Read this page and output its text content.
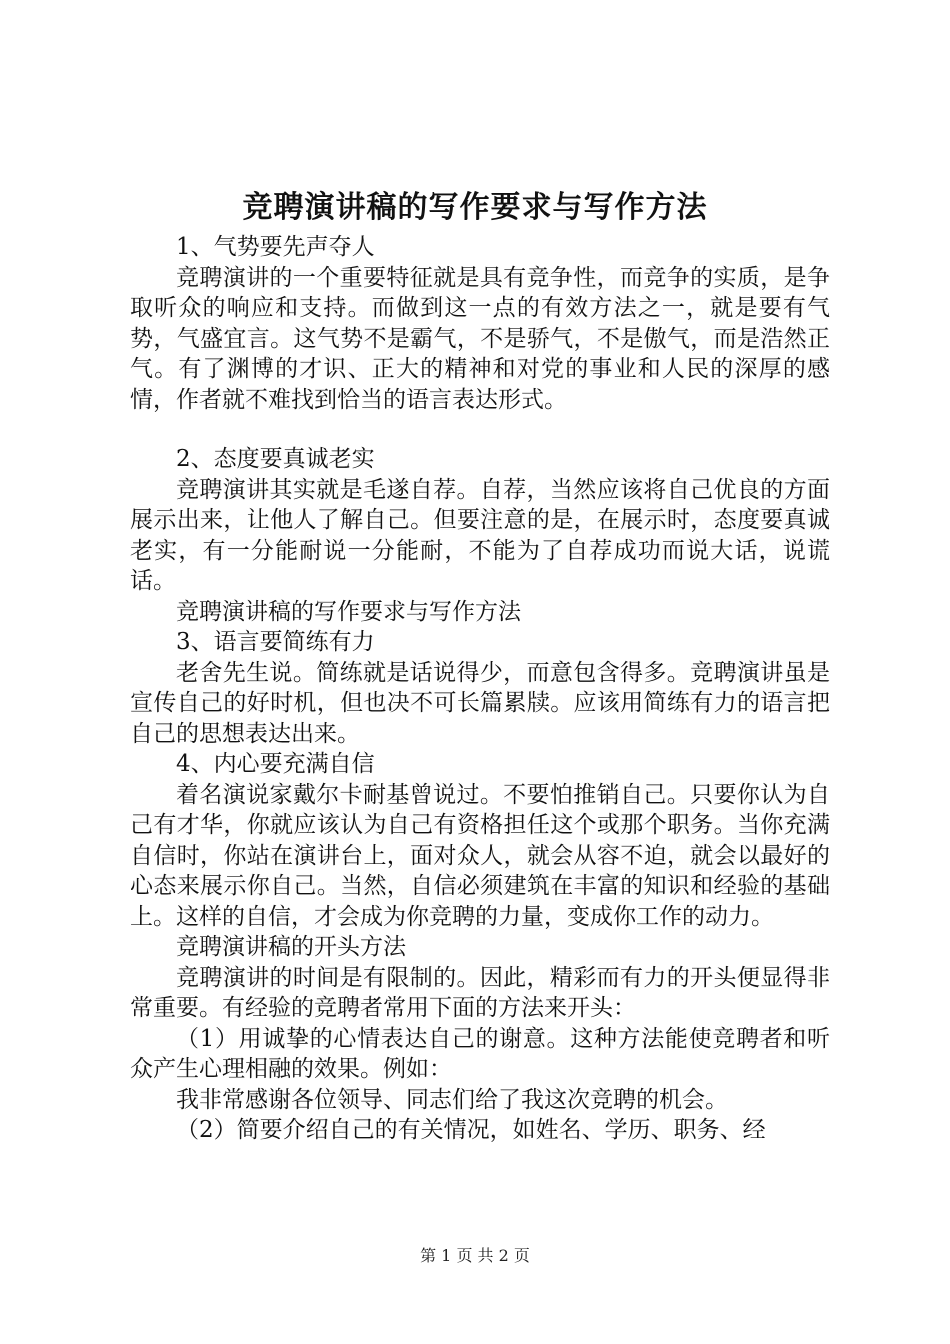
竞聘演讲稿的写作要求与写作方法

1、气势要先声夺人

竞聘演讲的一个重要特征就是具有竞争性，而竞争的实质，是争取听众的响应和支持。而做到这一点的有效方法之一，就是要有气势，气盛宜言。这气势不是霸气，不是骄气，不是傲气，而是浩然正气。有了渊博的才识、正大的精神和对党的事业和人民的深厚的感情，作者就不难找到恰当的语言表达形式。

2、态度要真诚老实

竞聘演讲其实就是毛遂自荐。自荐，当然应该将自己优良的方面展示出来，让他人了解自己。但要注意的是，在展示时，态度要真诚老实，有一分能耐说一分能耐，不能为了自荐成功而说大话，说谎话。

竞聘演讲稿的写作要求与写作方法

3、语言要简练有力

老舍先生说。简练就是话说得少，而意包含得多。竞聘演讲虽是宣传自己的好时机，但也决不可长篇累牍。应该用简练有力的语言把自己的思想表达出来。

4、内心要充满自信

着名演说家戴尔卡耐基曾说过。不要怕推销自己。只要你认为自己有才华，你就应该认为自己有资格担任这个或那个职务。当你充满自信时，你站在演讲台上，面对众人，就会从容不迫，就会以最好的心态来展示你自己。当然，自信必须建筑在丰富的知识和经验的基础上。这样的自信，才会成为你竞聘的力量，变成你工作的动力。

竞聘演讲稿的开头方法

竞聘演讲的时间是有限制的。因此，精彩而有力的开头便显得非常重要。有经验的竞聘者常用下面的方法来开头：

（1）用诚挚的心情表达自己的谢意。这种方法能使竞聘者和听众产生心理相融的效果。例如：

我非常感谢各位领导、同志们给了我这次竞聘的机会。

（2）简要介绍自己的有关情况，如姓名、学历、职务、经

第 1 页 共 2 页
